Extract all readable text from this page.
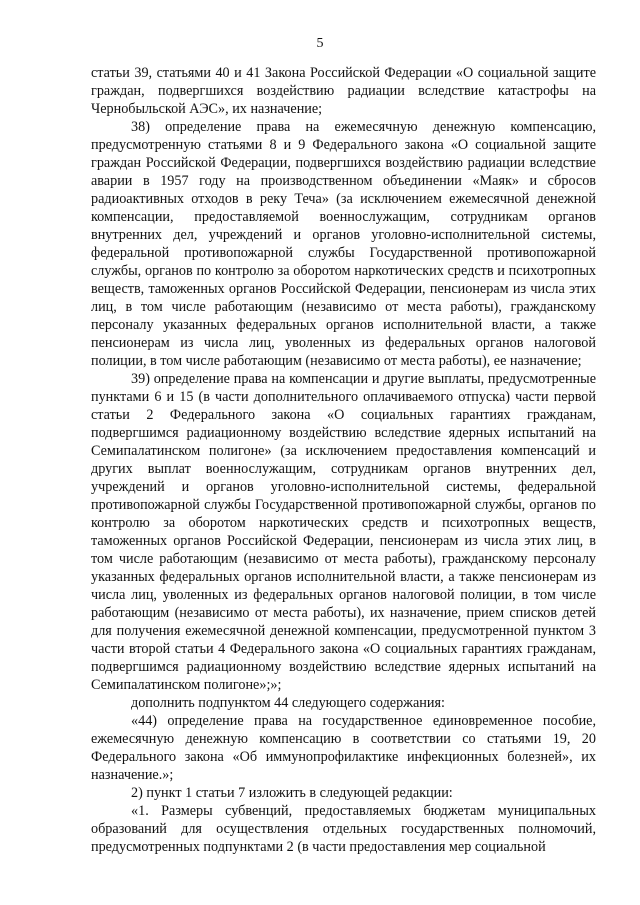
5

статьи 39, статьями 40 и 41 Закона Российской Федерации «О социальной защите граждан, подвергшихся воздействию радиации вследствие катастрофы на Чернобыльской АЭС», их назначение;

38) определение права на ежемесячную денежную компенсацию, предусмотренную статьями 8 и 9 Федерального закона «О социальной защите граждан Российской Федерации, подвергшихся воздействию радиации вследствие аварии в 1957 году на производственном объединении «Маяк» и сбросов радиоактивных отходов в реку Теча» (за исключением ежемесячной денежной компенсации, предоставляемой военнослужащим, сотрудникам органов внутренних дел, учреждений и органов уголовно-исполнительной системы, федеральной противопожарной службы Государственной противопожарной службы, органов по контролю за оборотом наркотических средств и психотропных веществ, таможенных органов Российской Федерации, пенсионерам из числа этих лиц, в том числе работающим (независимо от места работы), гражданскому персоналу указанных федеральных органов исполнительной власти, а также пенсионерам из числа лиц, уволенных из федеральных органов налоговой полиции, в том числе работающим (независимо от места работы), ее назначение;

39) определение права на компенсации и другие выплаты, предусмотренные пунктами 6 и 15 (в части дополнительного оплачиваемого отпуска) части первой статьи 2 Федерального закона «О социальных гарантиях гражданам, подвергшимся радиационному воздействию вследствие ядерных испытаний на Семипалатинском полигоне» (за исключением предоставления компенсаций и других выплат военнослужащим, сотрудникам органов внутренних дел, учреждений и органов уголовно-исполнительной системы, федеральной противопожарной службы Государственной противопожарной службы, органов по контролю за оборотом наркотических средств и психотропных веществ, таможенных органов Российской Федерации, пенсионерам из числа этих лиц, в том числе работающим (независимо от места работы), гражданскому персоналу указанных федеральных органов исполнительной власти, а также пенсионерам из числа лиц, уволенных из федеральных органов налоговой полиции, в том числе работающим (независимо от места работы), их назначение, прием списков детей для получения ежемесячной денежной компенсации, предусмотренной пунктом 3 части второй статьи 4 Федерального закона «О социальных гарантиях гражданам, подвергшимся радиационному воздействию вследствие ядерных испытаний на Семипалатинском полигоне»;»;

дополнить подпунктом 44 следующего содержания:

«44) определение права на государственное единовременное пособие, ежемесячную денежную компенсацию в соответствии со статьями 19, 20 Федерального закона «Об иммунопрофилактике инфекционных болезней», их назначение.»;

2) пункт 1 статьи 7 изложить в следующей редакции:

«1. Размеры субвенций, предоставляемых бюджетам муниципальных образований для осуществления отдельных государственных полномочий, предусмотренных подпунктами 2 (в части предоставления мер социальной
